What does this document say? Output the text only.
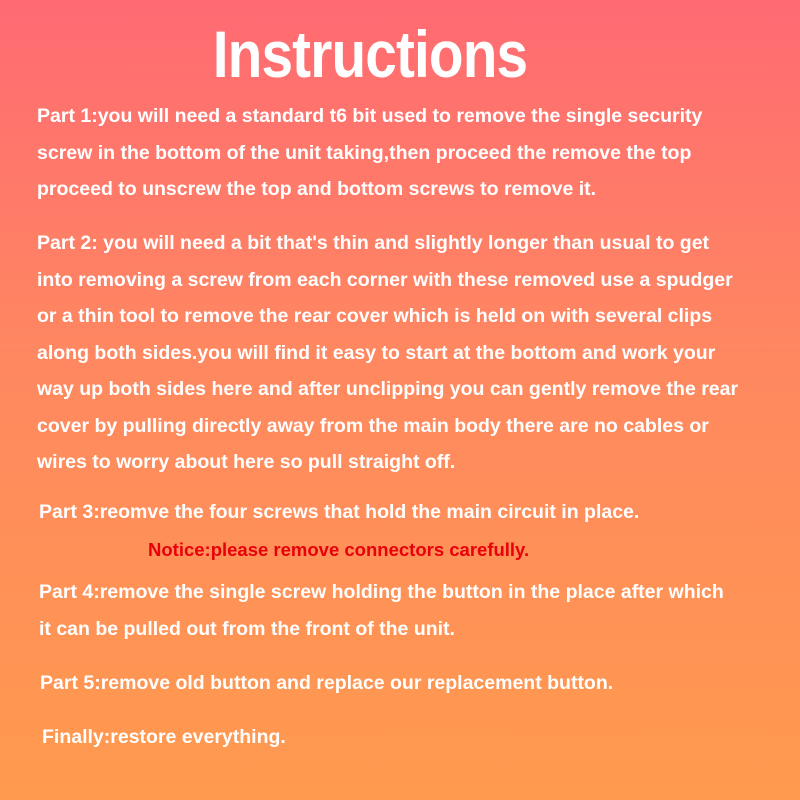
Instructions
Part 1:you will need a standard t6 bit used to remove the single security
screw in the bottom of the unit taking,then proceed the remove the top
proceed to unscrew the top and bottom screws to remove it.
Part 2: you will need a bit that's thin and slightly longer than usual to get
into removing a screw from each corner with these removed use a spudger
or a thin tool to remove the rear cover which is held on with several clips
along both sides.you will find it easy to start at the bottom and work your
way up both sides here and after unclipping you can gently remove the rear
cover by pulling directly away from the main body there are no cables or
wires to worry about here so pull straight off.
Part 3:reomve the four screws that hold the main circuit in place.
Notice:please remove connectors carefully.
Part 4:remove the single screw holding the button in the place after which
it can be pulled out from the front of the unit.
Part 5:remove old button and replace our replacement button.
Finally:restore everything.
